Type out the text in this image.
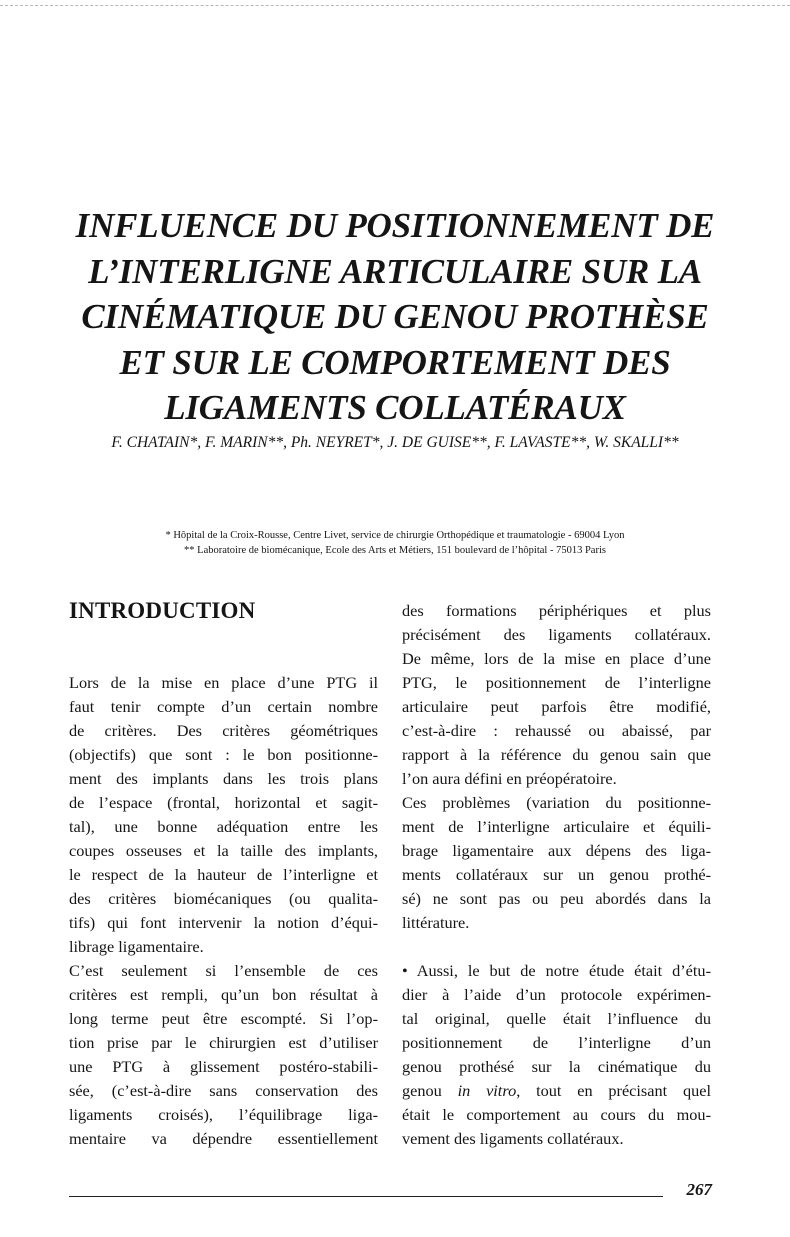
INFLUENCE DU POSITIONNEMENT DE
L’INTERLIGNE ARTICULAIRE SUR LA
CINÉMATIQUE DU GENOU PROTHÈSE
ET SUR LE COMPORTEMENT DES
LIGAMENTS COLLATÉRAUX
F. CHATAIN*, F. MARIN**, Ph. NEYRET*, J. DE GUISE**, F. LAVASTE**, W. SKALLI**
* Hôpital de la Croix-Rousse, Centre Livet, service de chirurgie Orthopédique et traumatologie - 69004 Lyon
** Laboratoire de biomécanique, Ecole des Arts et Métiers, 151 boulevard de l’hôpital - 75013 Paris
INTRODUCTION
Lors de la mise en place d’une PTG il
faut tenir compte d’un certain nombre
de critères. Des critères géométriques
(objectifs) que sont : le bon positionne-
ment des implants dans les trois plans
de l’espace (frontal, horizontal et sagit-
tal), une bonne adéquation entre les
coupes osseuses et la taille des implants,
le respect de la hauteur de l’interligne et
des critères biomécaniques (ou qualita-
tifs) qui font intervenir la notion d’équi-
librage ligamentaire.
C’est seulement si l’ensemble de ces
critères est rempli, qu’un bon résultat à
long terme peut être escompté. Si l’op-
tion prise par le chirurgien est d’utiliser
une PTG à glissement postéro-stabili-
sée, (c’est-à-dire sans conservation des
ligaments croisés), l’équilibrage liga-
mentaire va dépendre essentiellement
des formations périphériques et plus
précisément des ligaments collatéraux.
De même, lors de la mise en place d’une
PTG, le positionnement de l’interligne
articulaire peut parfois être modifié,
c’est-à-dire : rehaussé ou abaissé, par
rapport à la référence du genou sain que
l’on aura défini en préopératoire.
Ces problèmes (variation du positionne-
ment de l’interligne articulaire et équili-
brage ligamentaire aux dépens des liga-
ments collatéraux sur un genou prothé-
sé) ne sont pas ou peu abordés dans la
littérature.
• Aussi, le but de notre étude était d’étu-
dier à l’aide d’un protocole expérimen-
tal original, quelle était l’influence du
positionnement de l’interligne d’un
genou prothésé sur la cinématique du
genou in vitro, tout en précisant quel
était le comportement au cours du mou-
vement des ligaments collatéraux.
267
